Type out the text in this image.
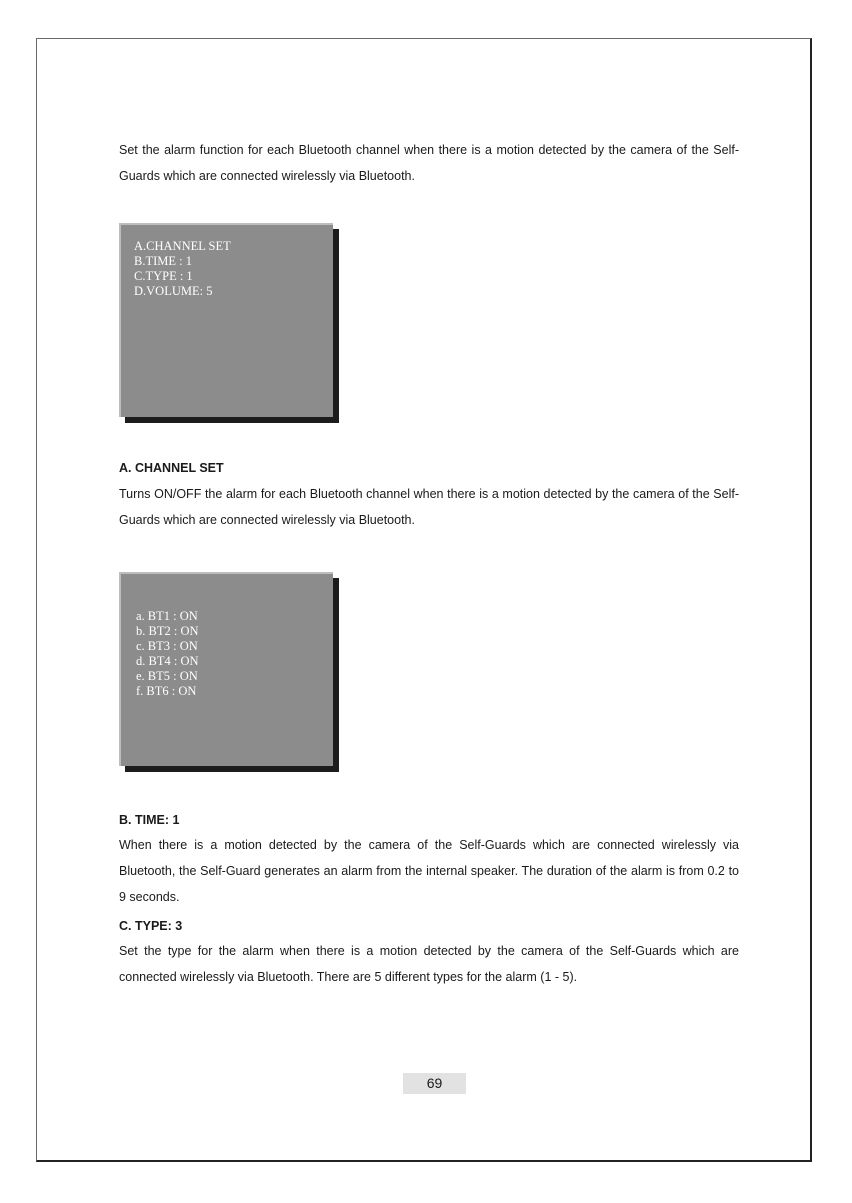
Set the alarm function for each Bluetooth channel when there is a motion detected by the camera of the Self-Guards which are connected wirelessly via Bluetooth.

A.CHANNEL SET
B.TIME : 1
C.TYPE : 1
D.VOLUME: 5
A. CHANNEL SET

Turns ON/OFF the alarm for each Bluetooth channel when there is a motion detected by the camera of the Self-Guards which are connected wirelessly via Bluetooth.

a. BT1 : ON
b. BT2 : ON
c. BT3 : ON
d. BT4 : ON
e. BT5 : ON
f. BT6 : ON
B. TIME: 1

When there is a motion detected by the camera of the Self-Guards which are connected wirelessly via Bluetooth, the Self-Guard generates an alarm from the internal speaker. The duration of the alarm is from 0.2 to 9 seconds.

C. TYPE: 3

Set the type for the alarm when there is a motion detected by the camera of the Self-Guards which are connected wirelessly via Bluetooth. There are 5 different types for the alarm (1 - 5).

69
